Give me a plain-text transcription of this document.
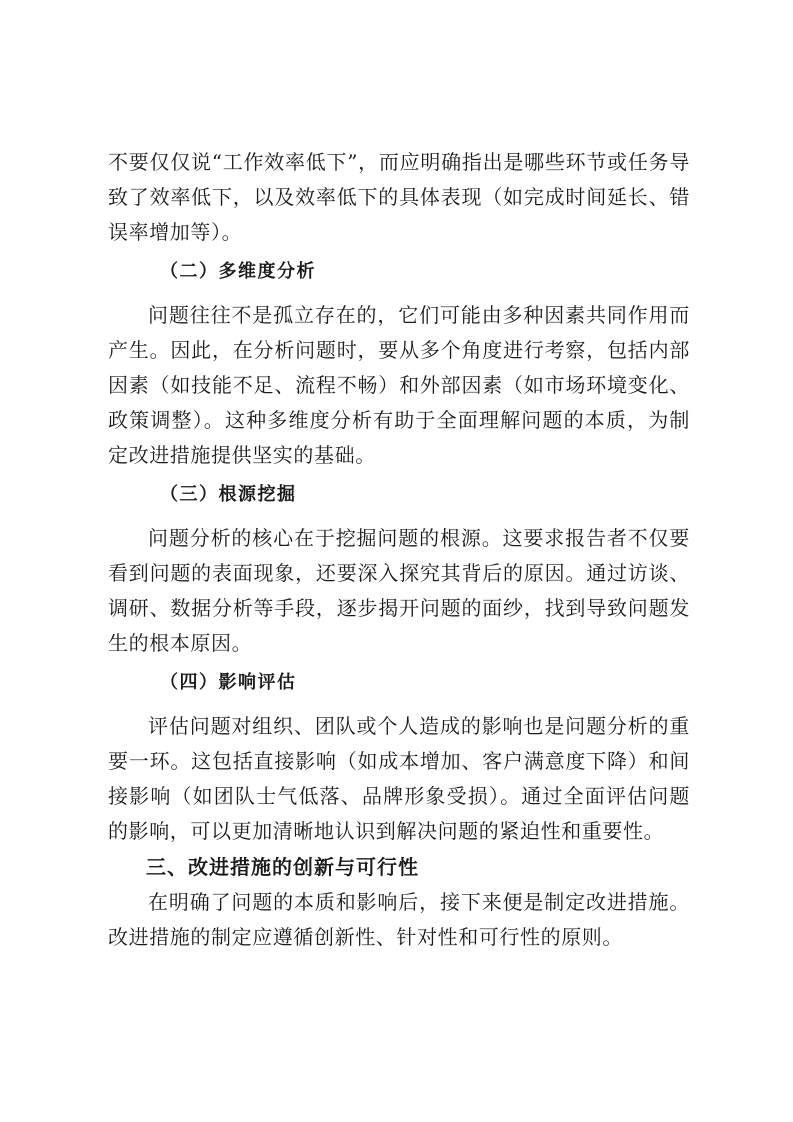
不要仅仅说“工作效率低下”，而应明确指出是哪些环节或任务导致了效率低下，以及效率低下的具体表现（如完成时间延长、错误率增加等）。

（二）多维度分析

问题往往不是孤立存在的，它们可能由多种因素共同作用而产生。因此，在分析问题时，要从多个角度进行考察，包括内部因素（如技能不足、流程不畅）和外部因素（如市场环境变化、政策调整）。这种多维度分析有助于全面理解问题的本质，为制定改进措施提供坚实的基础。

（三）根源挖掘

问题分析的核心在于挖掘问题的根源。这要求报告者不仅要看到问题的表面现象，还要深入探究其背后的原因。通过访谈、调研、数据分析等手段，逐步揭开问题的面纱，找到导致问题发生的根本原因。

（四）影响评估

评估问题对组织、团队或个人造成的影响也是问题分析的重要一环。这包括直接影响（如成本增加、客户满意度下降）和间接影响（如团队士气低落、品牌形象受损）。通过全面评估问题的影响，可以更加清晰地认识到解决问题的紧迫性和重要性。

三、改进措施的创新与可行性

在明确了问题的本质和影响后，接下来便是制定改进措施。改进措施的制定应遵循创新性、针对性和可行性的原则。
